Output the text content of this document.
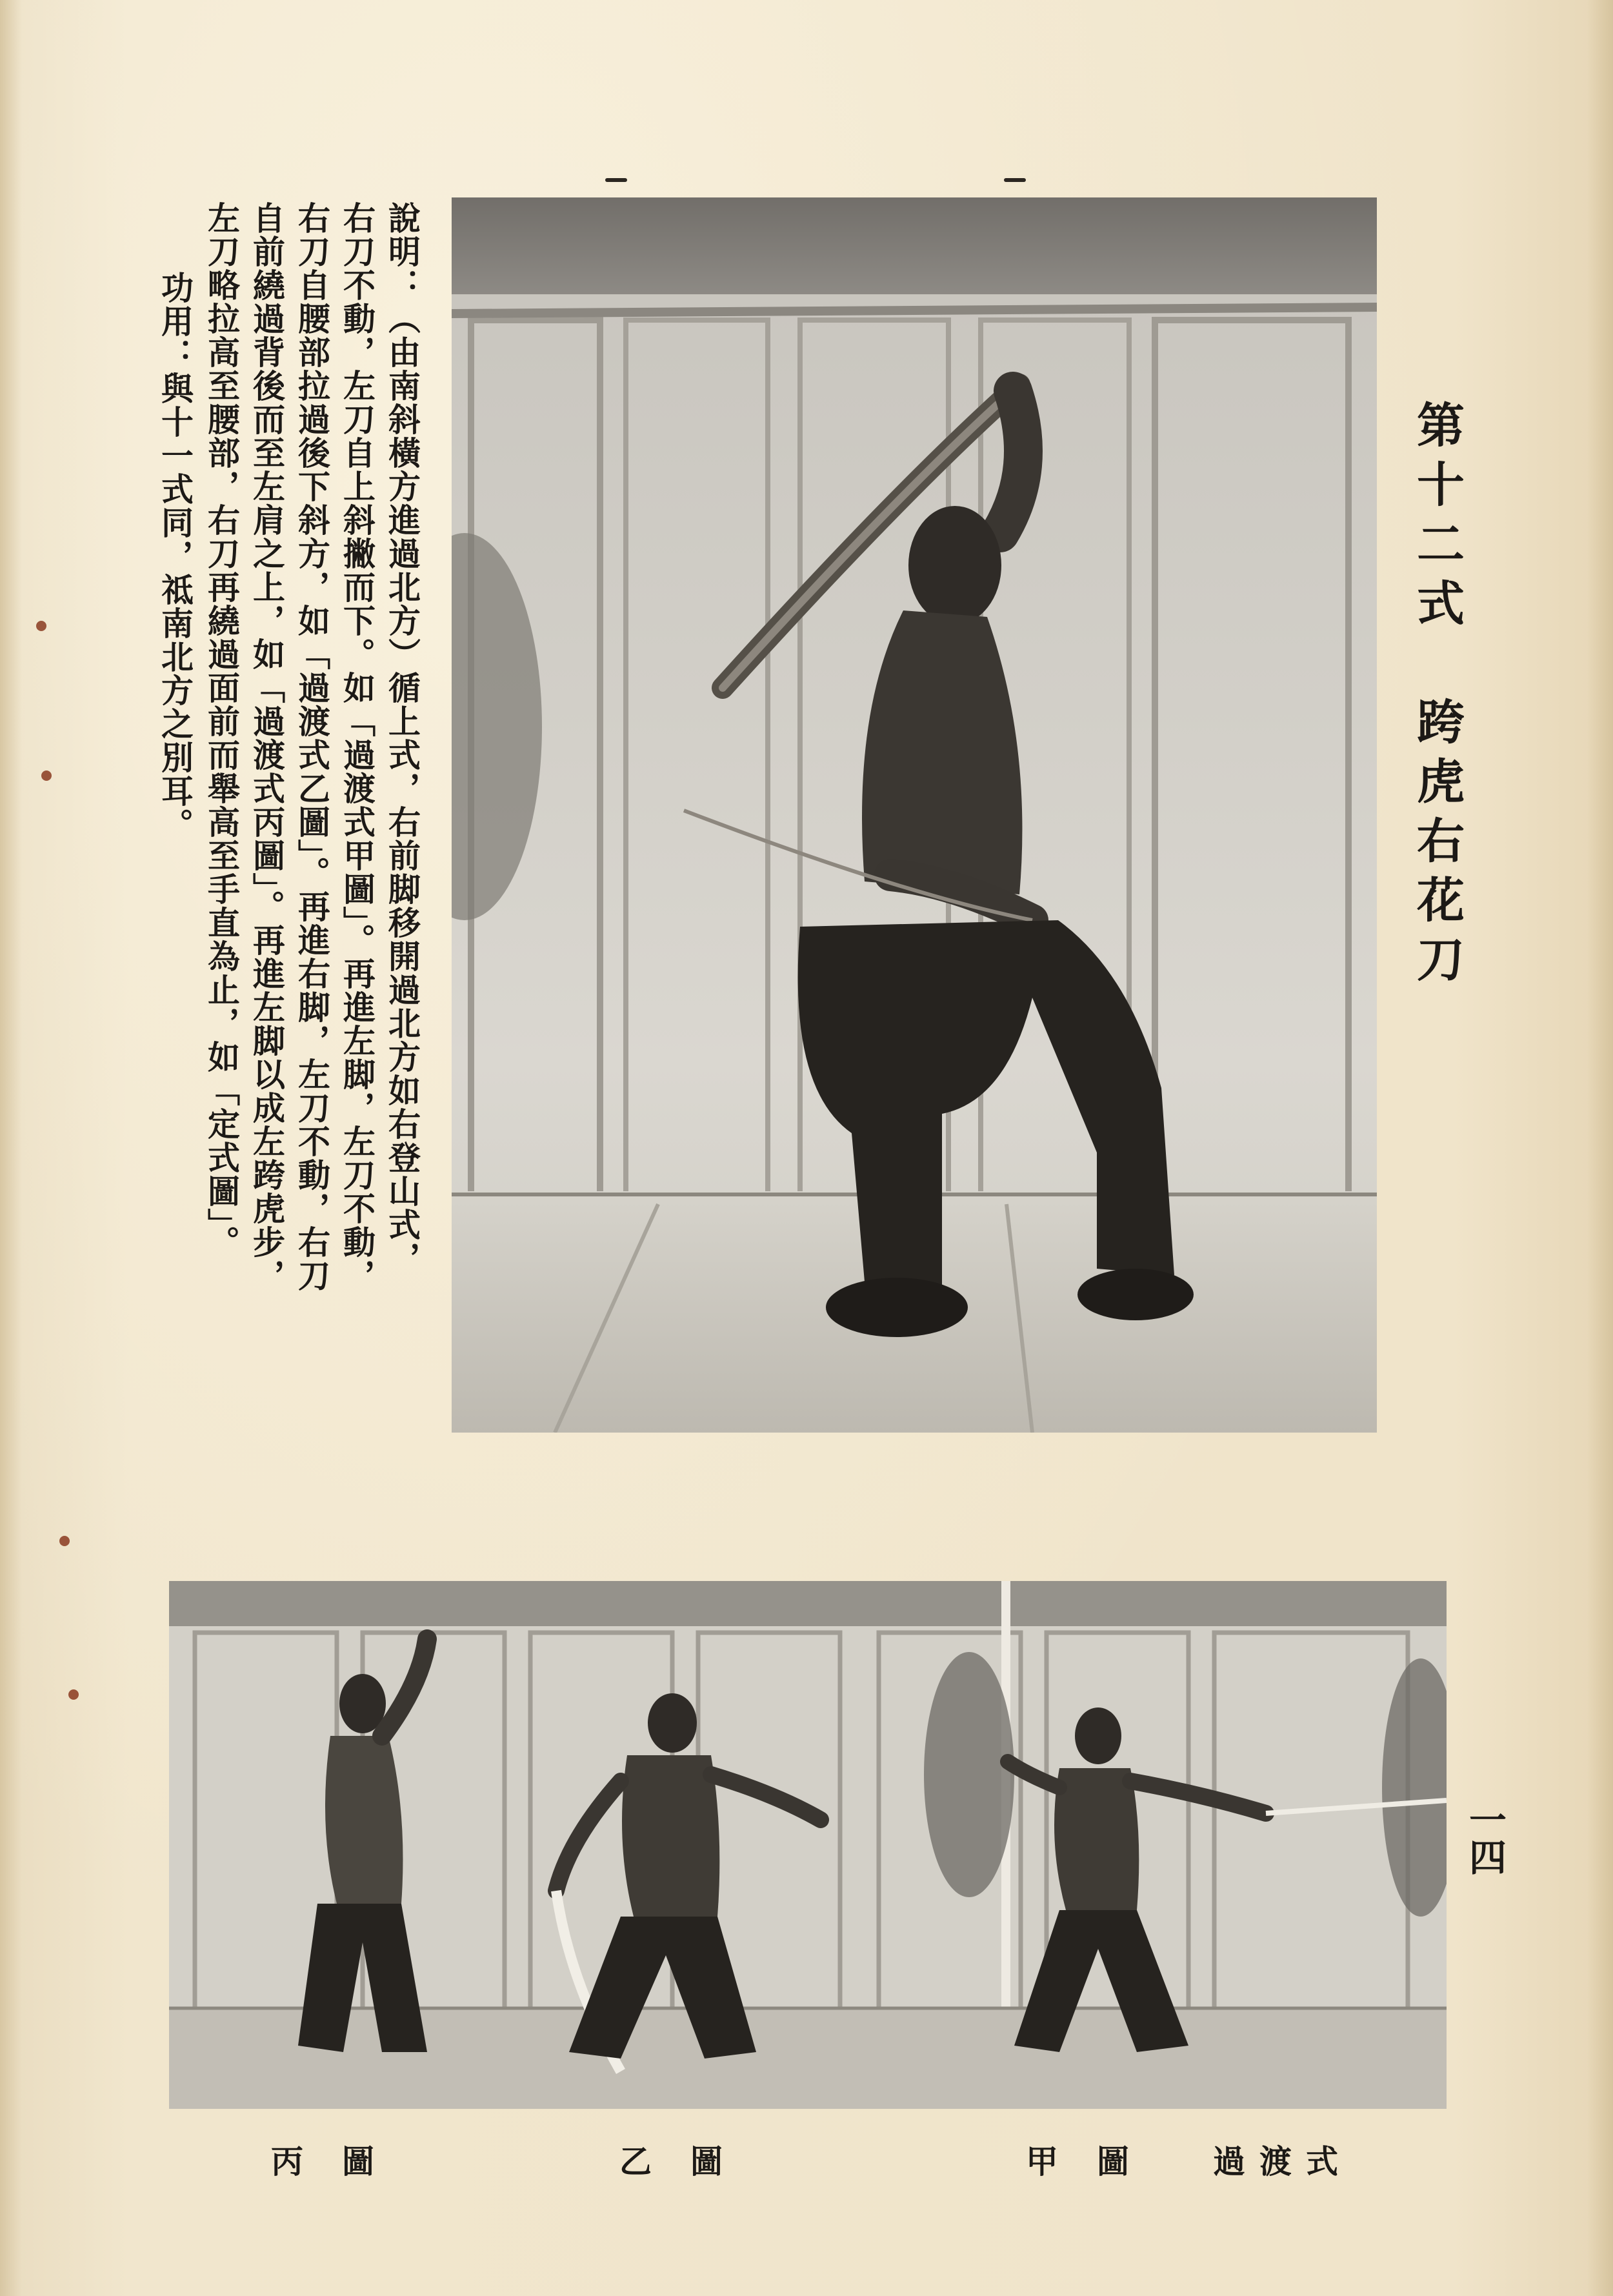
第十二式
跨虎右花刀
說明：（由南斜橫方進過北方）循上式，右前脚移開過北方如右登山式，
右刀不動，左刀自上斜撇而下。如「過渡式甲圖」。再進左脚，左刀不動，
右刀自腰部拉過後下斜方，如「過渡式乙圖」。再進右脚，左刀不動，右刀
自前繞過背後而至左肩之上，如「過渡式丙圖」。再進左脚以成左跨虎步，
左刀略拉高至腰部，右刀再繞過面前而舉高至手直為止，如「定式圖」。
功用：與十一式同，祗南北方之別耳。
一四
丙圖	乙圖	甲圖 過渡式
